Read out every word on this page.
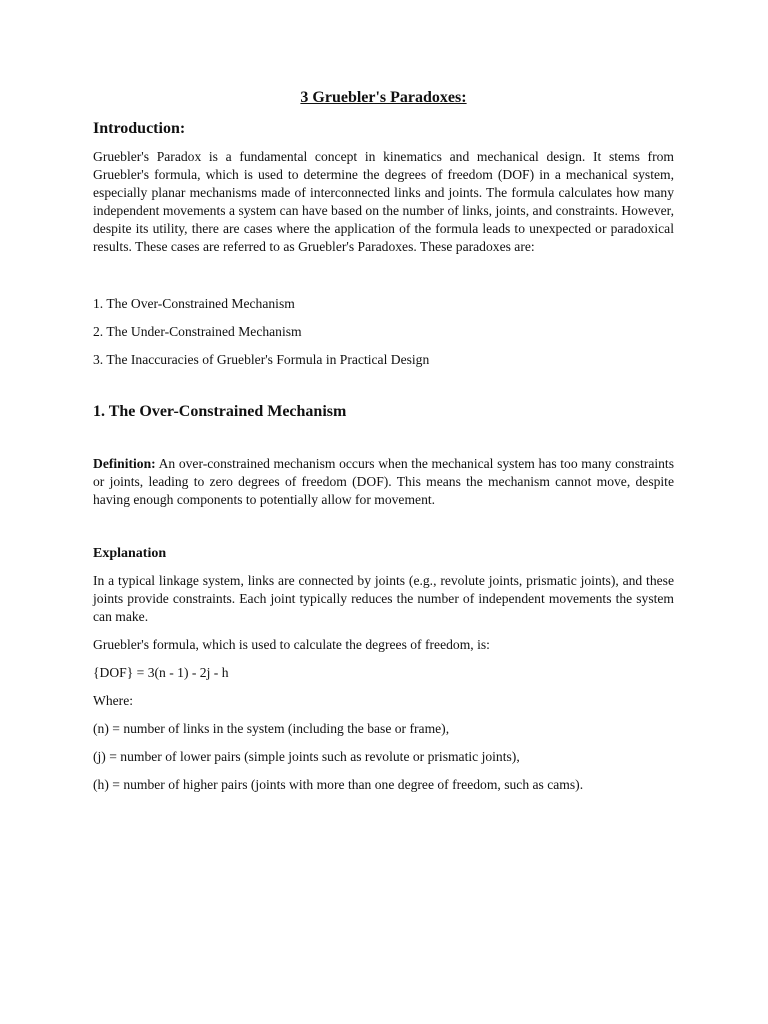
3 Gruebler's Paradoxes:
Introduction:

Gruebler's Paradox is a fundamental concept in kinematics and mechanical design. It stems from Gruebler's formula, which is used to determine the degrees of freedom (DOF) in a mechanical system, especially planar mechanisms made of interconnected links and joints. The formula calculates how many independent movements a system can have based on the number of links, joints, and constraints. However, despite its utility, there are cases where the application of the formula leads to unexpected or paradoxical results. These cases are referred to as Gruebler's Paradoxes. These paradoxes are:

1. The Over-Constrained Mechanism
2. The Under-Constrained Mechanism
3. The Inaccuracies of Gruebler's Formula in Practical Design
1. The Over-Constrained Mechanism

Definition: An over-constrained mechanism occurs when the mechanical system has too many constraints or joints, leading to zero degrees of freedom (DOF). This means the mechanism cannot move, despite having enough components to potentially allow for movement.

Explanation

In a typical linkage system, links are connected by joints (e.g., revolute joints, prismatic joints), and these joints provide constraints. Each joint typically reduces the number of independent movements the system can make.

Gruebler's formula, which is used to calculate the degrees of freedom, is:

{DOF} = 3(n - 1) - 2j - h

Where:

(n) = number of links in the system (including the base or frame),

(j) = number of lower pairs (simple joints such as revolute or prismatic joints),

(h) = number of higher pairs (joints with more than one degree of freedom, such as cams).
